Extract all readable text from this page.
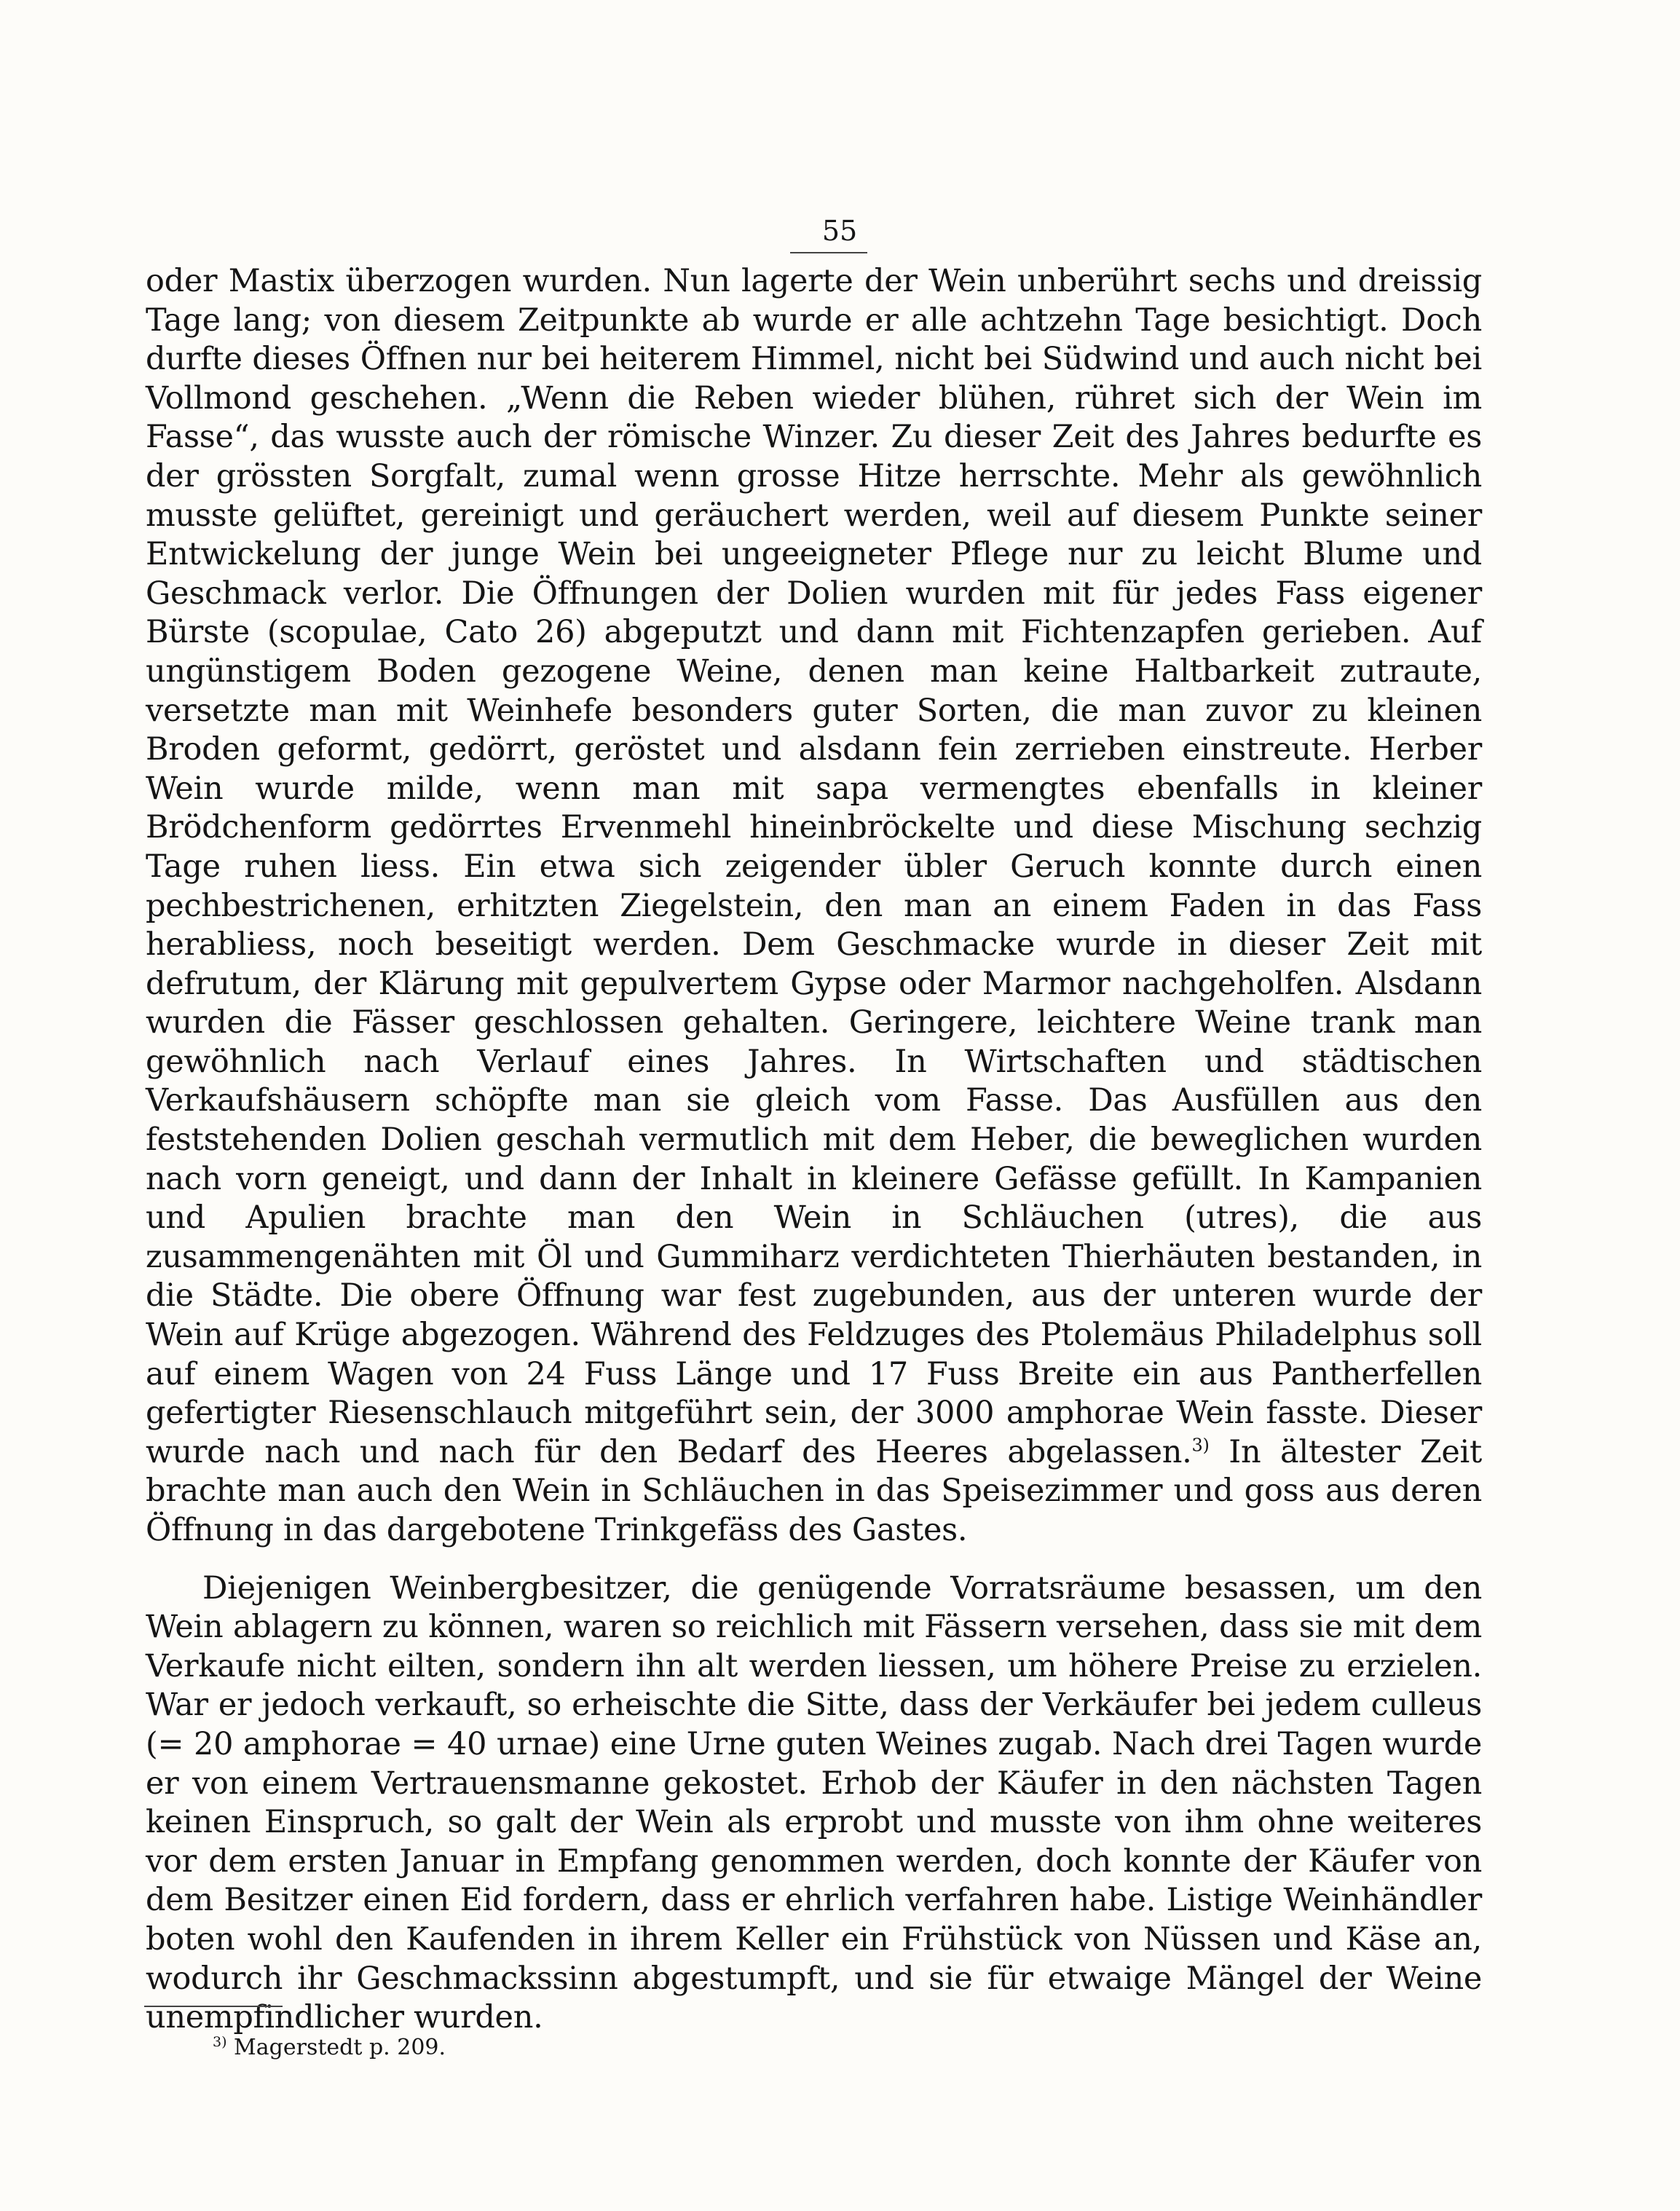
55

oder Mastix überzogen wurden. Nun lagerte der Wein unberührt sechs und dreissig Tage lang; von diesem Zeitpunkte ab wurde er alle achtzehn Tage besichtigt. Doch durfte dieses Öffnen nur bei heiterem Himmel, nicht bei Südwind und auch nicht bei Vollmond geschehen. „Wenn die Reben wieder blühen, rühret sich der Wein im Fasse“, das wusste auch der römische Winzer. Zu dieser Zeit des Jahres bedurfte es der grössten Sorgfalt, zumal wenn grosse Hitze herrschte. Mehr als gewöhnlich musste gelüftet, gereinigt und geräuchert werden, weil auf diesem Punkte seiner Entwickelung der junge Wein bei ungeeigneter Pflege nur zu leicht Blume und Geschmack verlor. Die Öffnungen der Dolien wurden mit für jedes Fass eigener Bürste (scopulae, Cato 26) abgeputzt und dann mit Fichtenzapfen gerieben. Auf ungünstigem Boden gezogene Weine, denen man keine Haltbarkeit zutraute, versetzte man mit Weinhefe besonders guter Sorten, die man zuvor zu kleinen Broden geformt, gedörrt, geröstet und alsdann fein zerrieben einstreute. Herber Wein wurde milde, wenn man mit sapa vermengtes ebenfalls in kleiner Brödchenform gedörrtes Ervenmehl hineinbröckelte und diese Mischung sechzig Tage ruhen liess. Ein etwa sich zeigender übler Geruch konnte durch einen pechbestrichenen, erhitzten Ziegelstein, den man an einem Faden in das Fass herabliess, noch beseitigt werden. Dem Geschmacke wurde in dieser Zeit mit defrutum, der Klärung mit gepulvertem Gypse oder Marmor nachgeholfen. Alsdann wurden die Fässer geschlossen gehalten. Geringere, leichtere Weine trank man gewöhnlich nach Verlauf eines Jahres. In Wirtschaften und städtischen Verkaufshäusern schöpfte man sie gleich vom Fasse. Das Ausfüllen aus den feststehenden Dolien geschah vermutlich mit dem Heber, die beweglichen wurden nach vorn geneigt, und dann der Inhalt in kleinere Gefässe gefüllt. In Kampanien und Apulien brachte man den Wein in Schläuchen (utres), die aus zusammengenähten mit Öl und Gummiharz verdichteten Thierhäuten bestanden, in die Städte. Die obere Öffnung war fest zugebunden, aus der unteren wurde der Wein auf Krüge abgezogen. Während des Feldzuges des Ptolemäus Philadelphus soll auf einem Wagen von 24 Fuss Länge und 17 Fuss Breite ein aus Pantherfellen gefertigter Riesenschlauch mitgeführt sein, der 3000 amphorae Wein fasste. Dieser wurde nach und nach für den Bedarf des Heeres abgelassen.$^{3)}$ In ältester Zeit brachte man auch den Wein in Schläuchen in das Speisezimmer und goss aus deren Öffnung in das dargebotene Trinkgefäss des Gastes.

Diejenigen Weinbergbesitzer, die genügende Vorratsräume besassen, um den Wein ablagern zu können, waren so reichlich mit Fässern versehen, dass sie mit dem Verkaufe nicht eilten, sondern ihn alt werden liessen, um höhere Preise zu erzielen. War er jedoch verkauft, so erheischte die Sitte, dass der Verkäufer bei jedem culleus (= 20 amphorae = 40 urnae) eine Urne guten Weines zugab. Nach drei Tagen wurde er von einem Vertrauensmanne gekostet. Erhob der Käufer in den nächsten Tagen keinen Einspruch, so galt der Wein als erprobt und musste von ihm ohne weiteres vor dem ersten Januar in Empfang genommen werden, doch konnte der Käufer von dem Besitzer einen Eid fordern, dass er ehrlich verfahren habe. Listige Weinhändler boten wohl den Kaufenden in ihrem Keller ein Frühstück von Nüssen und Käse an, wodurch ihr Geschmackssinn abgestumpft, und sie für etwaige Mängel der Weine unempfindlicher wurden.

$^{3)}$ Magerstedt p. 209.
